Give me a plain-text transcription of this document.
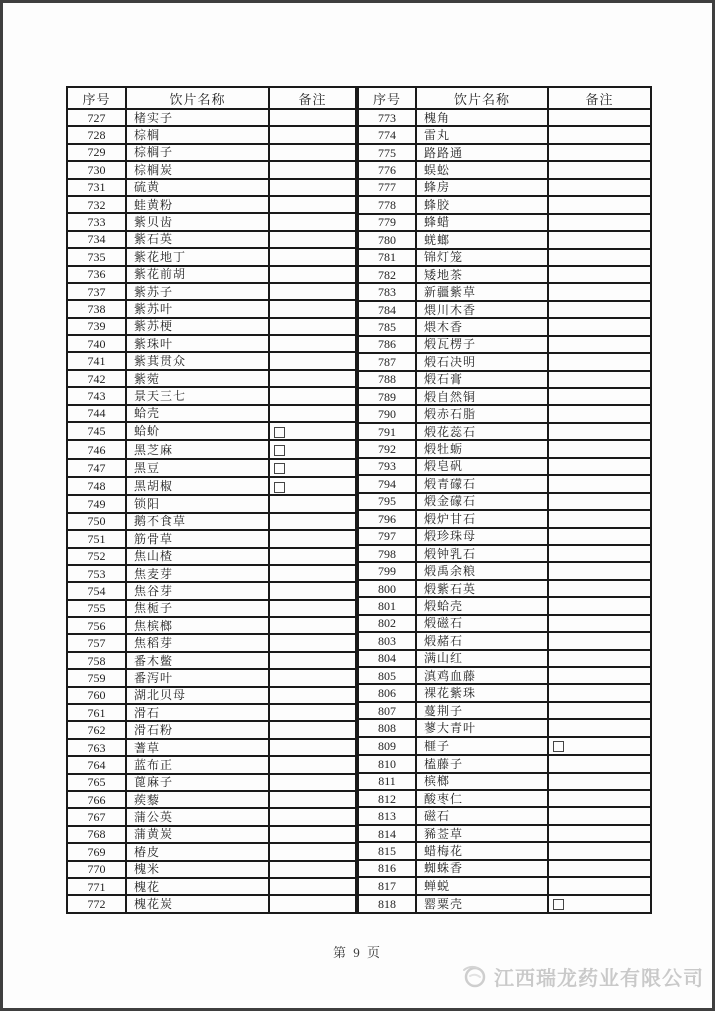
序号	饮片名称	备注
727	楮实子	
728	棕榈	
729	棕榈子	
730	棕榈炭	
731	硫黄	
732	蛙黄粉	
733	紫贝齿	
734	紫石英	
735	紫花地丁	
736	紫花前胡	
737	紫苏子	
738	紫苏叶	
739	紫苏梗	
740	紫珠叶	
741	紫萁贯众	
742	紫菀	
743	景天三七	
744	蛤壳	
745	蛤蚧	
746	黑芝麻	
747	黑豆	
748	黑胡椒	
749	锁阳	
750	鹅不食草	
751	筋骨草	
752	焦山楂	
753	焦麦芽	
754	焦谷芽	
755	焦栀子	
756	焦槟榔	
757	焦稻芽	
758	番木鳖	
759	番泻叶	
760	湖北贝母	
761	滑石	
762	滑石粉	
763	蓍草	
764	蓝布正	
765	蓖麻子	
766	蒺藜	
767	蒲公英	
768	蒲黄炭	
769	椿皮	
770	槐米	
771	槐花	
772	槐花炭	
序号	饮片名称	备注
773	槐角	
774	雷丸	
775	路路通	
776	蜈蚣	
777	蜂房	
778	蜂胶	
779	蜂蜡	
780	蜣螂	
781	锦灯笼	
782	矮地茶	
783	新疆紫草	
784	煨川木香	
785	煨木香	
786	煅瓦楞子	
787	煅石决明	
788	煅石膏	
789	煅自然铜	
790	煅赤石脂	
791	煅花蕊石	
792	煅牡蛎	
793	煅皂矾	
794	煅青礞石	
795	煅金礞石	
796	煅炉甘石	
797	煅珍珠母	
798	煅钟乳石	
799	煅禹余粮	
800	煅紫石英	
801	煅蛤壳	
802	煅磁石	
803	煅赭石	
804	满山红	
805	滇鸡血藤	
806	裸花紫珠	
807	蔓荆子	
808	蓼大青叶	
809	榧子	
810	榼藤子	
811	槟榔	
812	酸枣仁	
813	磁石	
814	豨莶草	
815	蜡梅花	
816	蜘蛛香	
817	蝉蜕	
818	罂粟壳	
第 9 页
江西瑞龙药业有限公司
